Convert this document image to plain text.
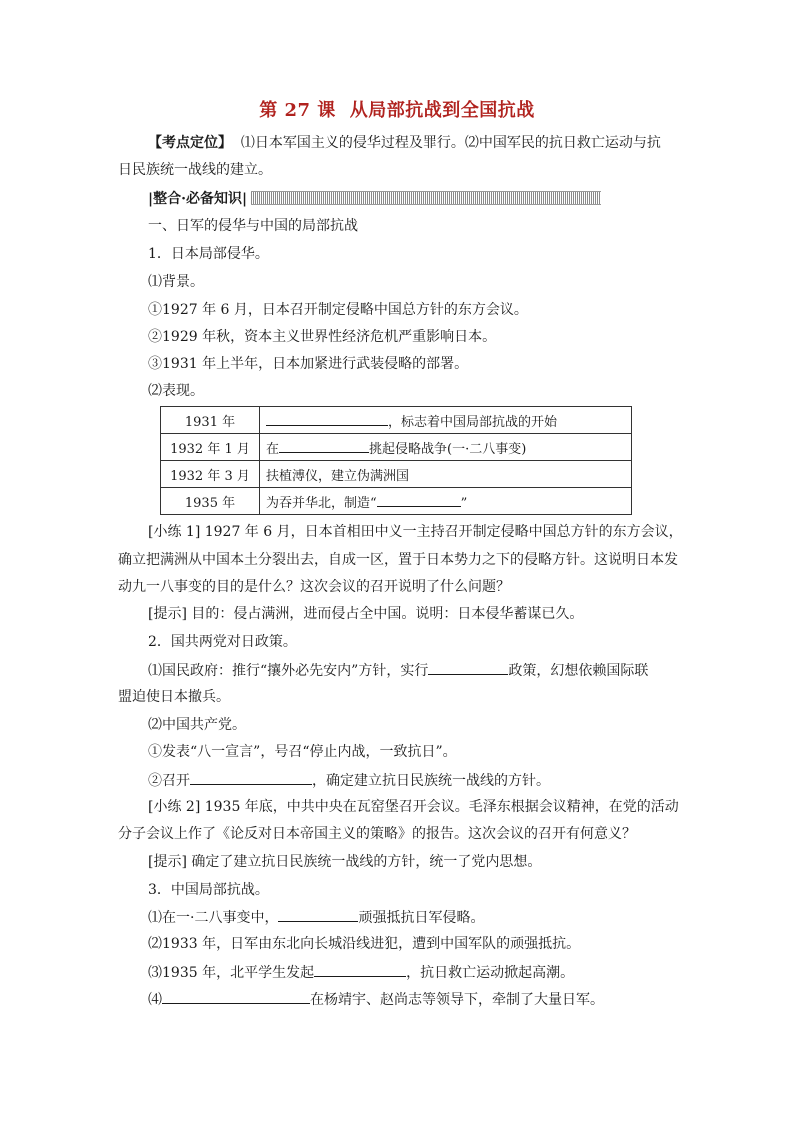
第 27 课 从局部抗战到全国抗战
【考点定位】 ⑴日本军国主义的侵华过程及罪行。⑵中国军民的抗日救亡运动与抗
日民族统一战线的建立。
|整合·必备知识|
一、日军的侵华与中国的局部抗战
1．日本局部侵华。
⑴背景。
①1927 年 6 月，日本召开制定侵略中国总方针的东方会议。
②1929 年秋，资本主义世界性经济危机严重影响日本。
③1931 年上半年，日本加紧进行武装侵略的部署。
⑵表现。
1931 年	，标志着中国局部抗战的开始
1932 年 1 月	在 挑起侵略战争(一·二八事变)
1932 年 3 月	扶植溥仪，建立伪满洲国
1935 年	为吞并华北，制造“ ”
[小练 1] 1927 年 6 月，日本首相田中义一主持召开制定侵略中国总方针的东方会议，
确立把满洲从中国本土分裂出去，自成一区，置于日本势力之下的侵略方针。这说明日本发
动九一八事变的目的是什么？这次会议的召开说明了什么问题？
[提示] 目的：侵占满洲，进而侵占全中国。说明：日本侵华蓄谋已久。
2．国共两党对日政策。
⑴国民政府：推行“攘外必先安内”方针，实行	政策，幻想依赖国际联
盟迫使日本撤兵。
⑵中国共产党。
①发表“八一宣言”，号召“停止内战，一致抗日”。
②召开	，确定建立抗日民族统一战线的方针。
[小练 2] 1935 年底，中共中央在瓦窑堡召开会议。毛泽东根据会议精神，在党的活动
分子会议上作了《论反对日本帝国主义的策略》的报告。这次会议的召开有何意义？
[提示] 确定了建立抗日民族统一战线的方针，统一了党内思想。
3．中国局部抗战。
⑴在一·二八事变中，	顽强抵抗日军侵略。
⑵1933 年，日军由东北向长城沿线进犯，遭到中国军队的顽强抵抗。
⑶1935 年，北平学生发起	，抗日救亡运动掀起高潮。
⑷	在杨靖宇、赵尚志等领导下，牵制了大量日军。
